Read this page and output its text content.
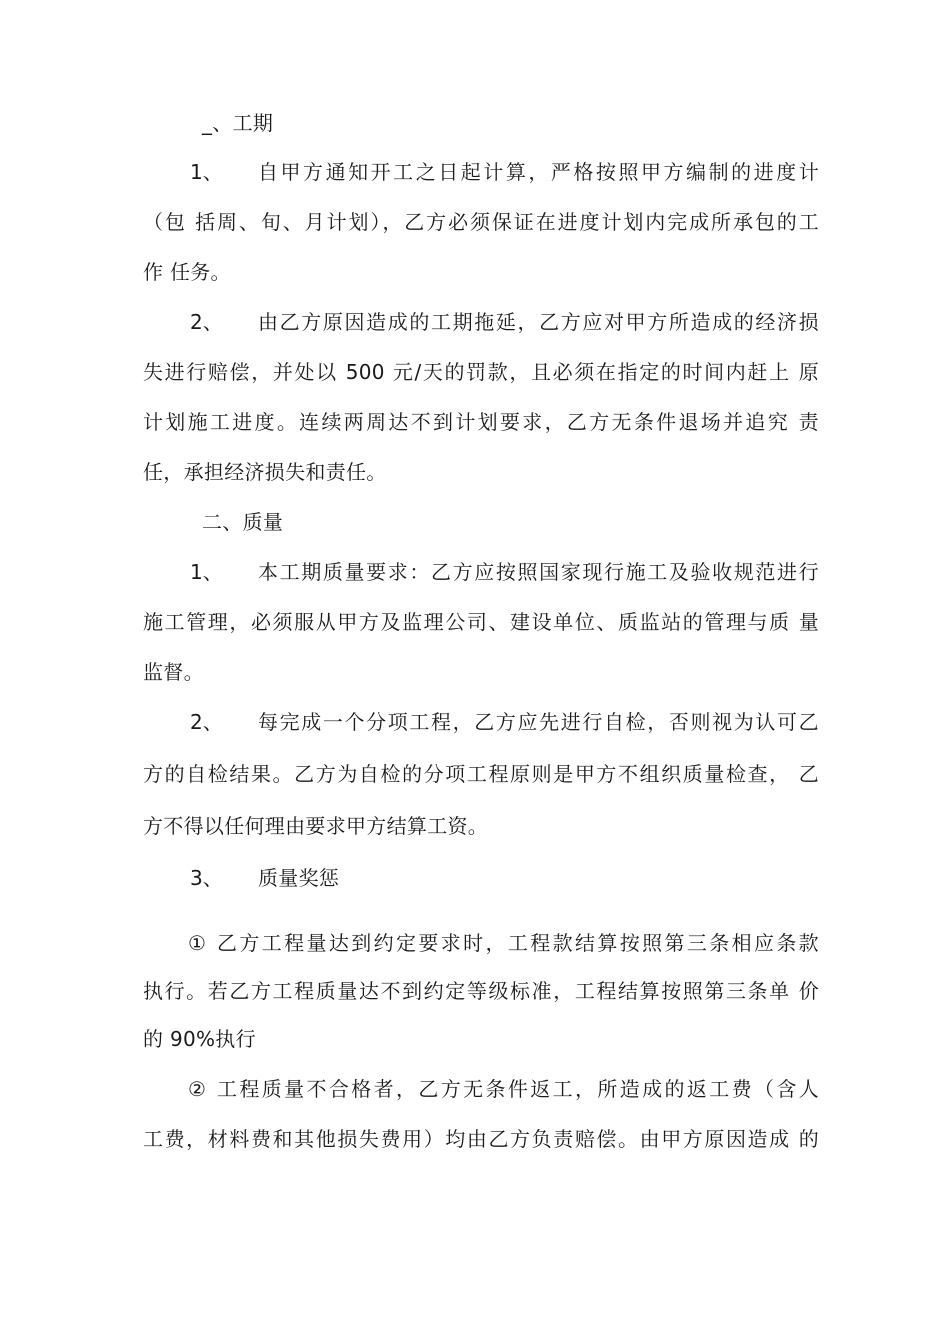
_、工期
1、 自甲方通知开工之日起计算，严格按照甲方编制的进度计
（包 括周、旬、月计划），乙方必须保证在进度计划内完成所承包的工
作 任务。
2、 由乙方原因造成的工期拖延，乙方应对甲方所造成的经济损
失进行赔偿，并处以 500 元/天的罚款，且必须在指定的时间内赶上 原
计划施工进度。连续两周达不到计划要求，乙方无条件退场并追究 责
任，承担经济损失和责任。
二、质量
1、 本工期质量要求：乙方应按照国家现行施工及验收规范进行
施工管理，必须服从甲方及监理公司、建设单位、质监站的管理与质 量
监督。
2、 每完成一个分项工程，乙方应先进行自检，否则视为认可乙
方的自检结果。乙方为自检的分项工程原则是甲方不组织质量检查， 乙
方不得以任何理由要求甲方结算工资。
3、 质量奖惩
① 乙方工程量达到约定要求时，工程款结算按照第三条相应条款
执行。若乙方工程质量达不到约定等级标准，工程结算按照第三条单 价
的 90%执行
② 工程质量不合格者，乙方无条件返工，所造成的返工费（含人
工费，材料费和其他损失费用）均由乙方负责赔偿。由甲方原因造成 的
